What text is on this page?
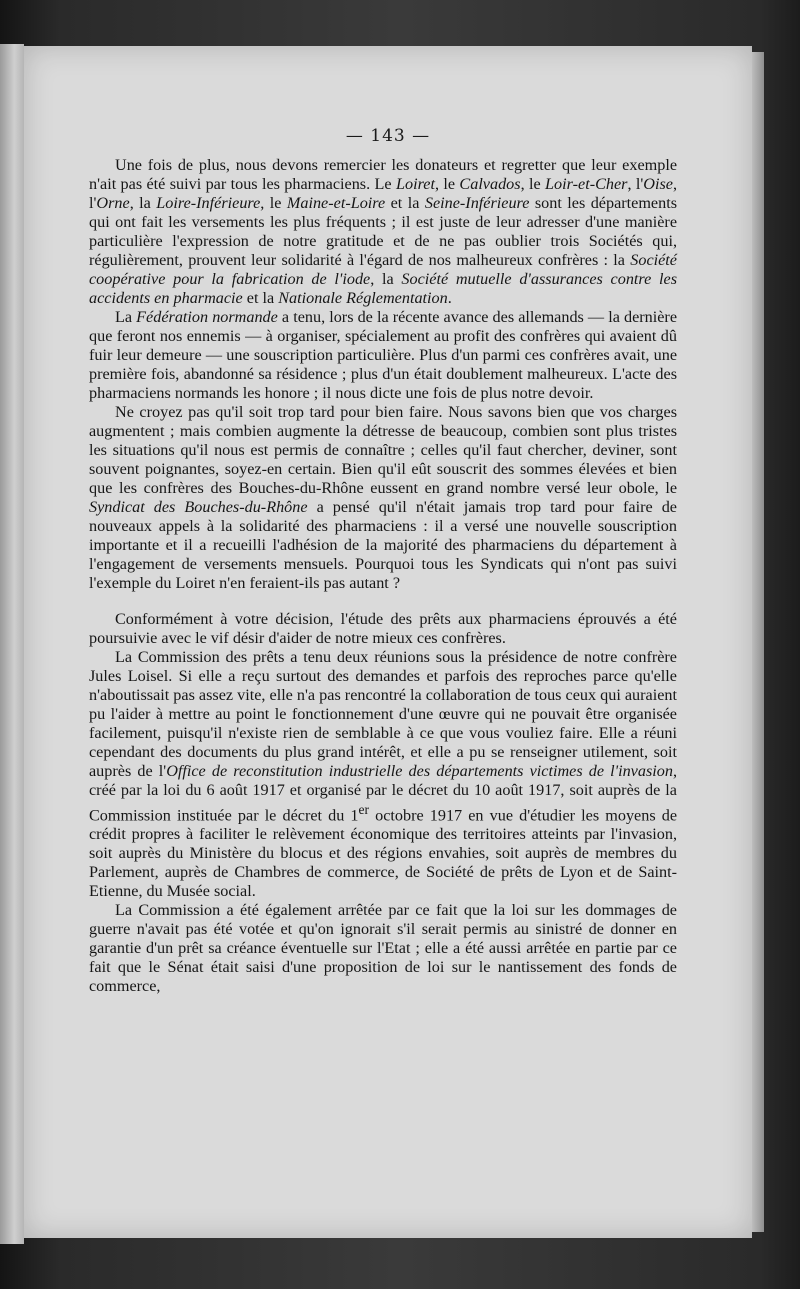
— 143 —

Une fois de plus, nous devons remercier les donateurs et regretter que leur exemple n'ait pas été suivi par tous les pharmaciens. Le Loiret, le Calvados, le Loir-et-Cher, l'Oise, l'Orne, la Loire-Inférieure, le Maine-et-Loire et la Seine-Inférieure sont les départements qui ont fait les versements les plus fréquents ; il est juste de leur adresser d'une manière particulière l'expression de notre gratitude et de ne pas oublier trois Sociétés qui, régulièrement, prouvent leur solidarité à l'égard de nos malheureux confrères : la Société coopérative pour la fabrication de l'iode, la Société mutuelle d'assurances contre les accidents en pharmacie et la Nationale Réglementation.

La Fédération normande a tenu, lors de la récente avance des allemands — la dernière que feront nos ennemis — à organiser, spécialement au profit des confrères qui avaient dû fuir leur demeure — une souscription particulière. Plus d'un parmi ces confrères avait, une première fois, abandonné sa résidence ; plus d'un était doublement malheureux. L'acte des pharmaciens normands les honore ; il nous dicte une fois de plus notre devoir.

Ne croyez pas qu'il soit trop tard pour bien faire. Nous savons bien que vos charges augmentent ; mais combien augmente la détresse de beaucoup, combien sont plus tristes les situations qu'il nous est permis de connaître ; celles qu'il faut chercher, deviner, sont souvent poignantes, soyez-en certain. Bien qu'il eût souscrit des sommes élevées et bien que les confrères des Bouches-du-Rhône eussent en grand nombre versé leur obole, le Syndicat des Bouches-du-Rhône a pensé qu'il n'était jamais trop tard pour faire de nouveaux appels à la solidarité des pharmaciens : il a versé une nouvelle souscription importante et il a recueilli l'adhésion de la majorité des pharmaciens du département à l'engagement de versements mensuels. Pourquoi tous les Syndicats qui n'ont pas suivi l'exemple du Loiret n'en feraient-ils pas autant ?

Conformément à votre décision, l'étude des prêts aux pharmaciens éprouvés a été poursuivie avec le vif désir d'aider de notre mieux ces confrères.

La Commission des prêts a tenu deux réunions sous la présidence de notre confrère Jules Loisel. Si elle a reçu surtout des demandes et parfois des reproches parce qu'elle n'aboutissait pas assez vite, elle n'a pas rencontré la collaboration de tous ceux qui auraient pu l'aider à mettre au point le fonctionnement d'une œuvre qui ne pouvait être organisée facilement, puisqu'il n'existe rien de semblable à ce que vous vouliez faire. Elle a réuni cependant des documents du plus grand intérêt, et elle a pu se renseigner utilement, soit auprès de l'Office de reconstitution industrielle des départements victimes de l'invasion, créé par la loi du 6 août 1917 et organisé par le décret du 10 août 1917, soit auprès de la Commission instituée par le décret du 1er octobre 1917 en vue d'étudier les moyens de crédit propres à faciliter le relèvement économique des territoires atteints par l'invasion, soit auprès du Ministère du blocus et des régions envahies, soit auprès de membres du Parlement, auprès de Chambres de commerce, de Société de prêts de Lyon et de Saint-Etienne, du Musée social.

La Commission a été également arrêtée par ce fait que la loi sur les dommages de guerre n'avait pas été votée et qu'on ignorait s'il serait permis au sinistré de donner en garantie d'un prêt sa créance éventuelle sur l'Etat ; elle a été aussi arrêtée en partie par ce fait que le Sénat était saisi d'une proposition de loi sur le nantissement des fonds de commerce,
